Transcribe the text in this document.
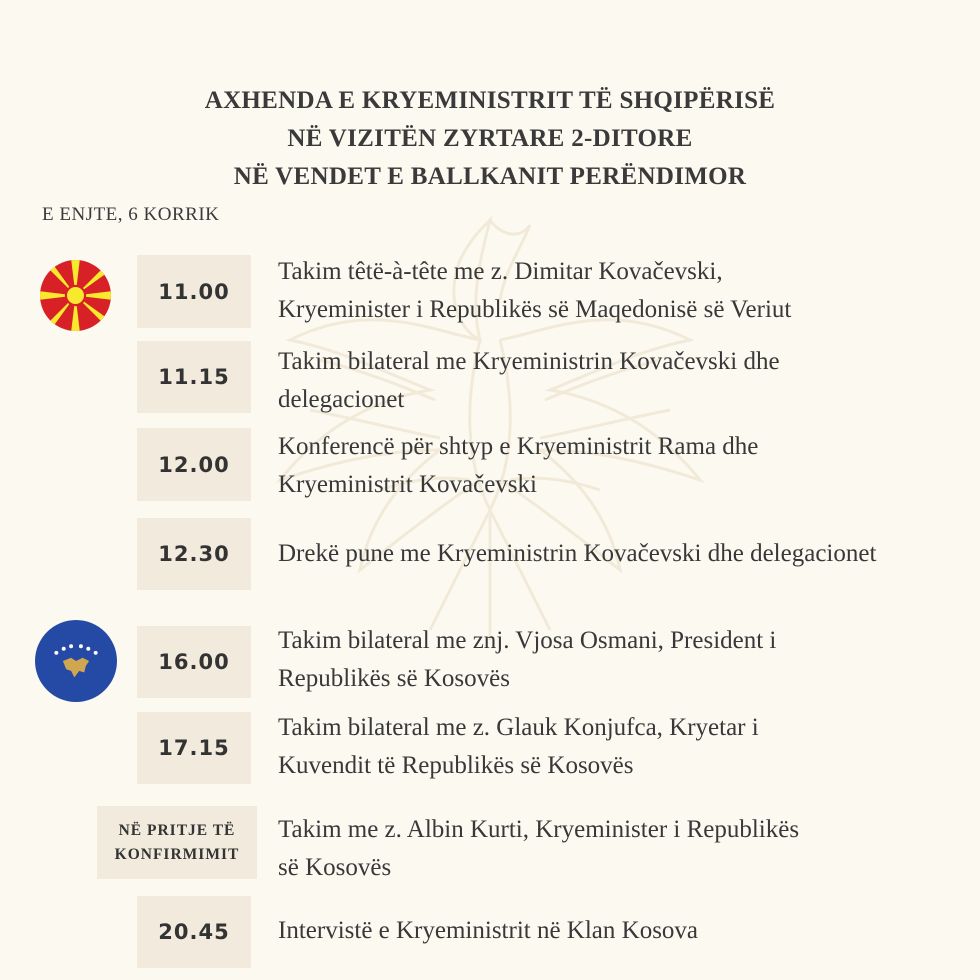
AXHENDA E KRYEMINISTRIT TË SHQIPËRISË
NË VIZITËN ZYRTARE 2-DITORE
NË VENDET E BALLKANIT PERËNDIMOR
E ENJTE, 6 KORRIK
11.00
Takim têtë-à-tête me z. Dimitar Kovačevski,
Kryeminister i Republikës së Maqedonisë së Veriut
11.15
Takim bilateral me Kryeministrin Kovačevski dhe
delegacionet
12.00
Konferencë për shtyp e Kryeministrit Rama dhe
Kryeministrit Kovačevski
12.30	Drekë pune me Kryeministrin Kovačevski dhe delegacionet
16.00
Takim bilateral me znj. Vjosa Osmani, President i
Republikës së Kosovës
17.15
Takim bilateral me z. Glauk Konjufca, Kryetar i
Kuvendit të Republikës së Kosovës
NË PRITJE TË
KONFIRMIMIT
Takim me z. Albin Kurti, Kryeminister i Republikës
së Kosovës
20.45	Intervistë e Kryeministrit në Klan Kosova
